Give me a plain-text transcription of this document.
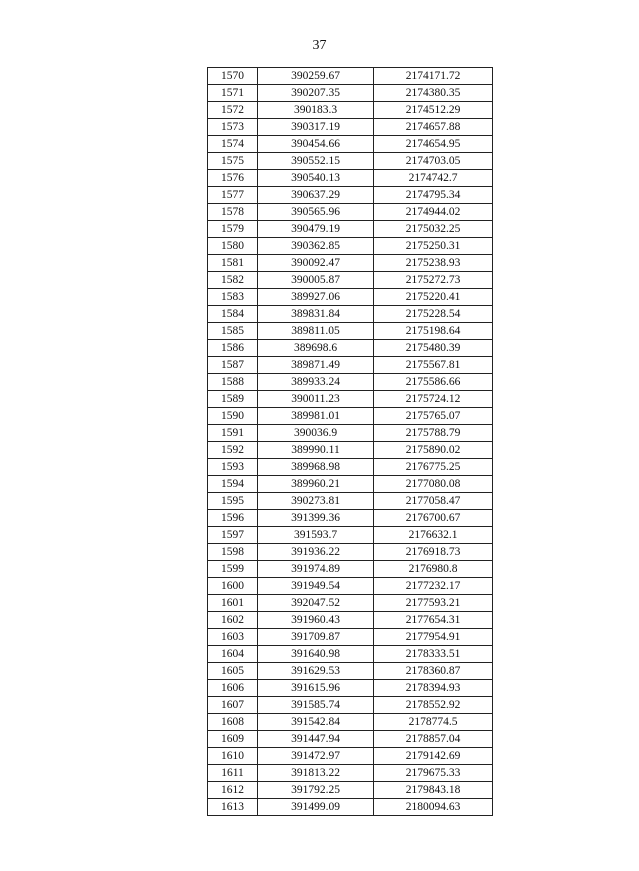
37
1570	390259.67	2174171.72
1571	390207.35	2174380.35
1572	390183.3	2174512.29
1573	390317.19	2174657.88
1574	390454.66	2174654.95
1575	390552.15	2174703.05
1576	390540.13	2174742.7
1577	390637.29	2174795.34
1578	390565.96	2174944.02
1579	390479.19	2175032.25
1580	390362.85	2175250.31
1581	390092.47	2175238.93
1582	390005.87	2175272.73
1583	389927.06	2175220.41
1584	389831.84	2175228.54
1585	389811.05	2175198.64
1586	389698.6	2175480.39
1587	389871.49	2175567.81
1588	389933.24	2175586.66
1589	390011.23	2175724.12
1590	389981.01	2175765.07
1591	390036.9	2175788.79
1592	389990.11	2175890.02
1593	389968.98	2176775.25
1594	389960.21	2177080.08
1595	390273.81	2177058.47
1596	391399.36	2176700.67
1597	391593.7	2176632.1
1598	391936.22	2176918.73
1599	391974.89	2176980.8
1600	391949.54	2177232.17
1601	392047.52	2177593.21
1602	391960.43	2177654.31
1603	391709.87	2177954.91
1604	391640.98	2178333.51
1605	391629.53	2178360.87
1606	391615.96	2178394.93
1607	391585.74	2178552.92
1608	391542.84	2178774.5
1609	391447.94	2178857.04
1610	391472.97	2179142.69
1611	391813.22	2179675.33
1612	391792.25	2179843.18
1613	391499.09	2180094.63
